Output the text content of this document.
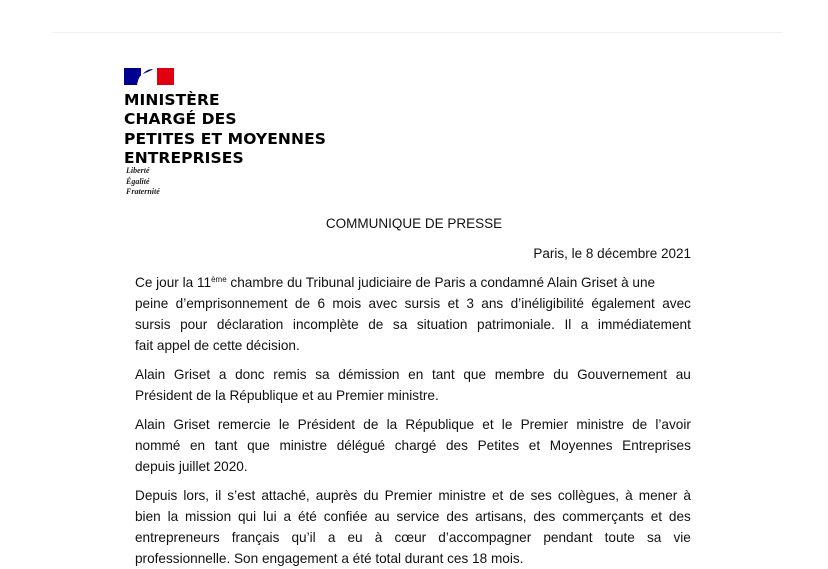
MINISTÈRE
CHARGÉ DES
PETITES ET MOYENNES
ENTREPRISES
Liberté
Égalité
Fraternité
COMMUNIQUE DE PRESSE
Paris, le 8 décembre 2021
Ce jour la 11ème chambre du Tribunal judiciaire de Paris a condamné Alain Griset à une
peine d’emprisonnement de 6 mois avec sursis et 3 ans d’inéligibilité également avec
sursis pour déclaration incomplète de sa situation patrimoniale. Il a immédiatement
fait appel de cette décision.
Alain Griset a donc remis sa démission en tant que membre du Gouvernement au
Président de la République et au Premier ministre.
Alain Griset remercie le Président de la République et le Premier ministre de l’avoir
nommé en tant que ministre délégué chargé des Petites et Moyennes Entreprises
depuis juillet 2020.
Depuis lors, il s’est attaché, auprès du Premier ministre et de ses collègues, à mener à
bien la mission qui lui a été confiée au service des artisans, des commerçants et des
entrepreneurs français qu’il a eu à cœur d’accompagner pendant toute sa vie
professionnelle. Son engagement a été total durant ces 18 mois.
